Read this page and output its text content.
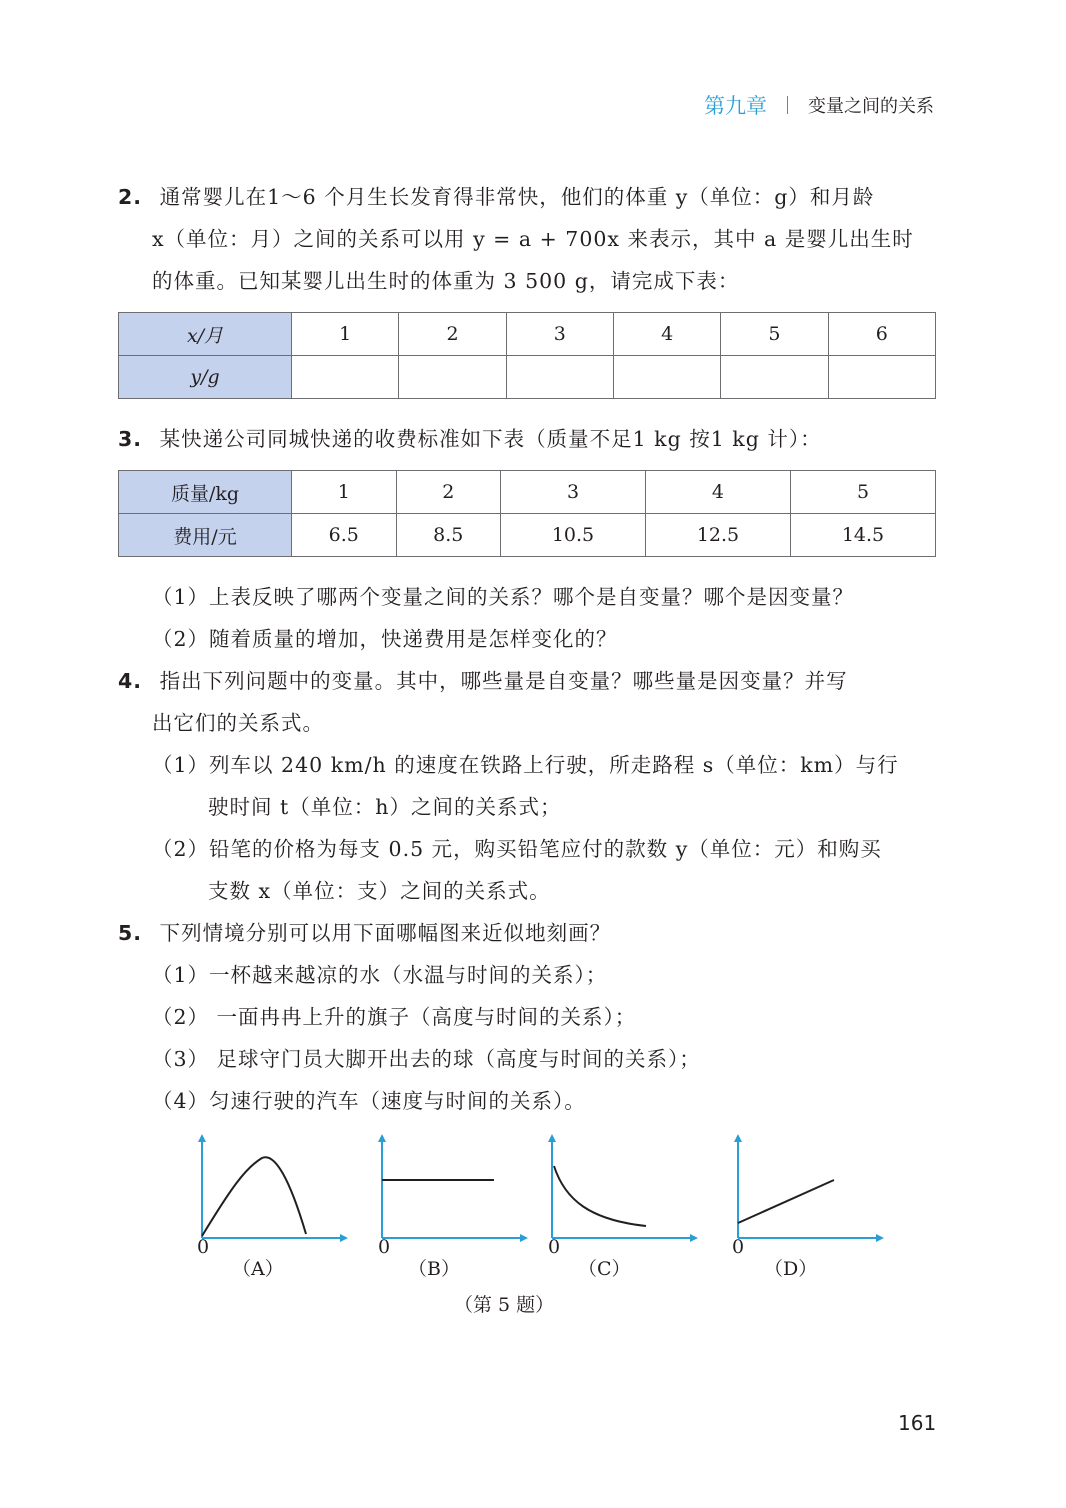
第九章 变量之间的关系
2. 通常婴儿在1～6 个月生长发育得非常快，他们的体重 y（单位：g）和月龄
x（单位：月）之间的关系可以用 y = a + 700x 来表示，其中 a 是婴儿出生时
的体重。已知某婴儿出生时的体重为 3 500 g，请完成下表：
x/月	1	2	3	4	5	6
y/g						
3. 某快递公司同城快递的收费标准如下表（质量不足1 kg 按1 kg 计）：
质量/kg	1	2	3	4	5
费用/元	6.5	8.5	10.5	12.5	14.5
（1）上表反映了哪两个变量之间的关系？哪个是自变量？哪个是因变量？
（2）随着质量的增加，快递费用是怎样变化的？
4. 指出下列问题中的变量。其中，哪些量是自变量？哪些量是因变量？并写
出它们的关系式。
（1）列车以 240 km/h 的速度在铁路上行驶，所走路程 s（单位：km）与行
驶时间 t（单位：h）之间的关系式；
（2）铅笔的价格为每支 0.5 元，购买铅笔应付的款数 y（单位：元）和购买
支数 x（单位：支）之间的关系式。
5. 下列情境分别可以用下面哪幅图来近似地刻画？
（1）一杯越来越凉的水（水温与时间的关系）；
（2） 一面冉冉上升的旗子（高度与时间的关系）；
（3） 足球守门员大脚开出去的球（高度与时间的关系）；
（4）匀速行驶的汽车（速度与时间的关系）。
0
（A）
0
（B）
0
（C）
0
（D）
（第 5 题）
161
